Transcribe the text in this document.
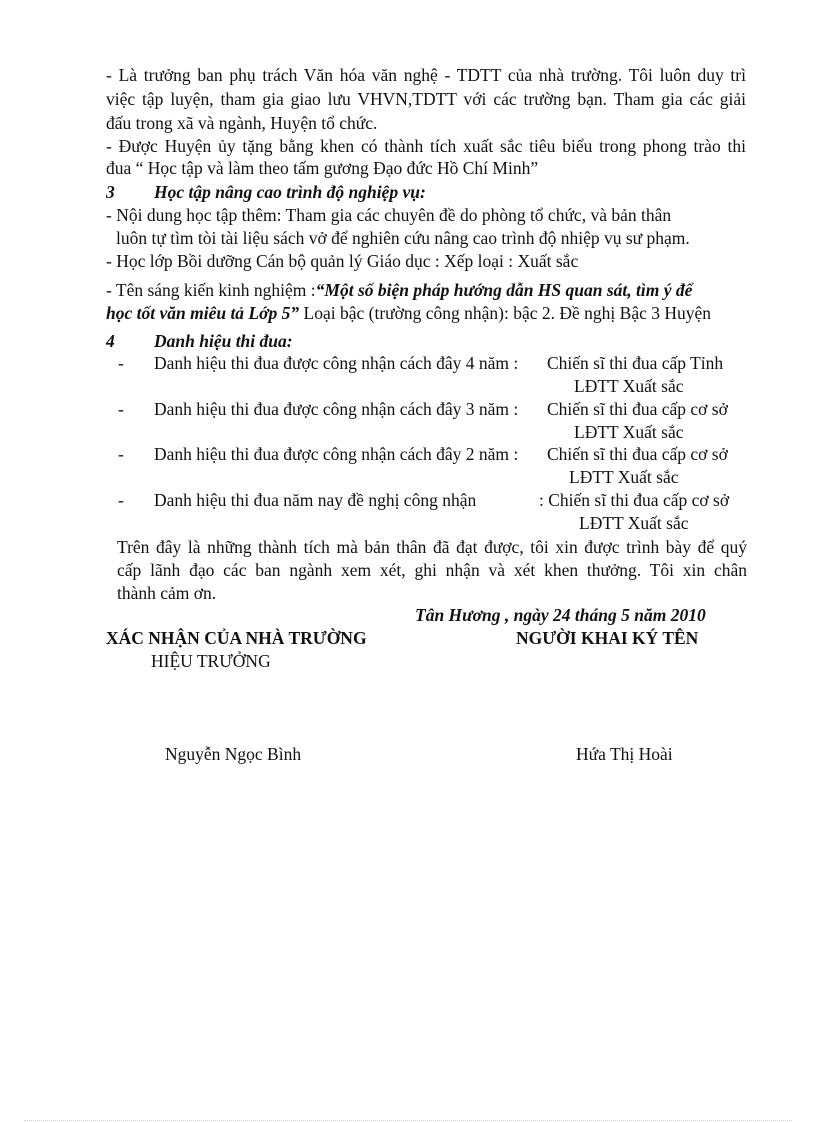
- Là trưởng ban phụ trách Văn hóa văn nghệ - TDTT của nhà trường. Tôi luôn duy trì
việc tập luyện, tham gia giao lưu VHVN,TDTT với các trường bạn. Tham gia các giải
đấu trong xã và ngành, Huyện tổ chức.
- Được Huyện ủy tặng bằng khen có thành tích xuất sắc tiêu biểu trong phong trào thi
đua “ Học tập và làm theo tấm gương Đạo đức Hồ Chí Minh”
3 Học tập nâng cao trình độ nghiệp vụ:
- Nội dung học tập thêm: Tham gia các chuyên đề do phòng tổ chức, và bản thân
luôn tự tìm tòi tài liệu sách vở để nghiên cứu nâng cao trình độ nhiệp vụ sư phạm.
- Học lớp Bồi dưỡng Cán bộ quản lý Giáo dục : Xếp loại : Xuất sắc
- Tên sáng kiến kinh nghiệm :“Một số biện pháp hướng dẫn HS quan sát, tìm ý để
học tốt văn miêu tả Lớp 5” Loại bậc (trường công nhận): bậc 2. Đề nghị Bậc 3 Huyện
4 Danh hiệu thi đua:
- Danh hiệu thi đua được công nhận cách đây 4 năm : Chiến sĩ thi đua cấp Tỉnh
LĐTT Xuất sắc
- Danh hiệu thi đua được công nhận cách đây 3 năm : Chiến sĩ thi đua cấp cơ sở
LĐTT Xuất sắc
- Danh hiệu thi đua được công nhận cách đây 2 năm : Chiến sĩ thi đua cấp cơ sở
LĐTT Xuất sắc
- Danh hiệu thi đua năm nay đề nghị công nhận	: Chiến sĩ thi đua cấp cơ sở
LĐTT Xuất sắc
Trên đây là những thành tích mà bản thân đã đạt được, tôi xin được trình bày để quý
cấp lãnh đạo các ban ngành xem xét, ghi nhận và xét khen thưởng. Tôi xin chân
thành cảm ơn.
Tân Hương , ngày 24 tháng 5 năm 2010
XÁC NHẬN CỦA NHÀ TRƯỜNG	NGƯỜI KHAI KÝ TÊN
HIỆU TRƯỞNG
Nguyễn Ngọc Bình	Hứa Thị Hoài
